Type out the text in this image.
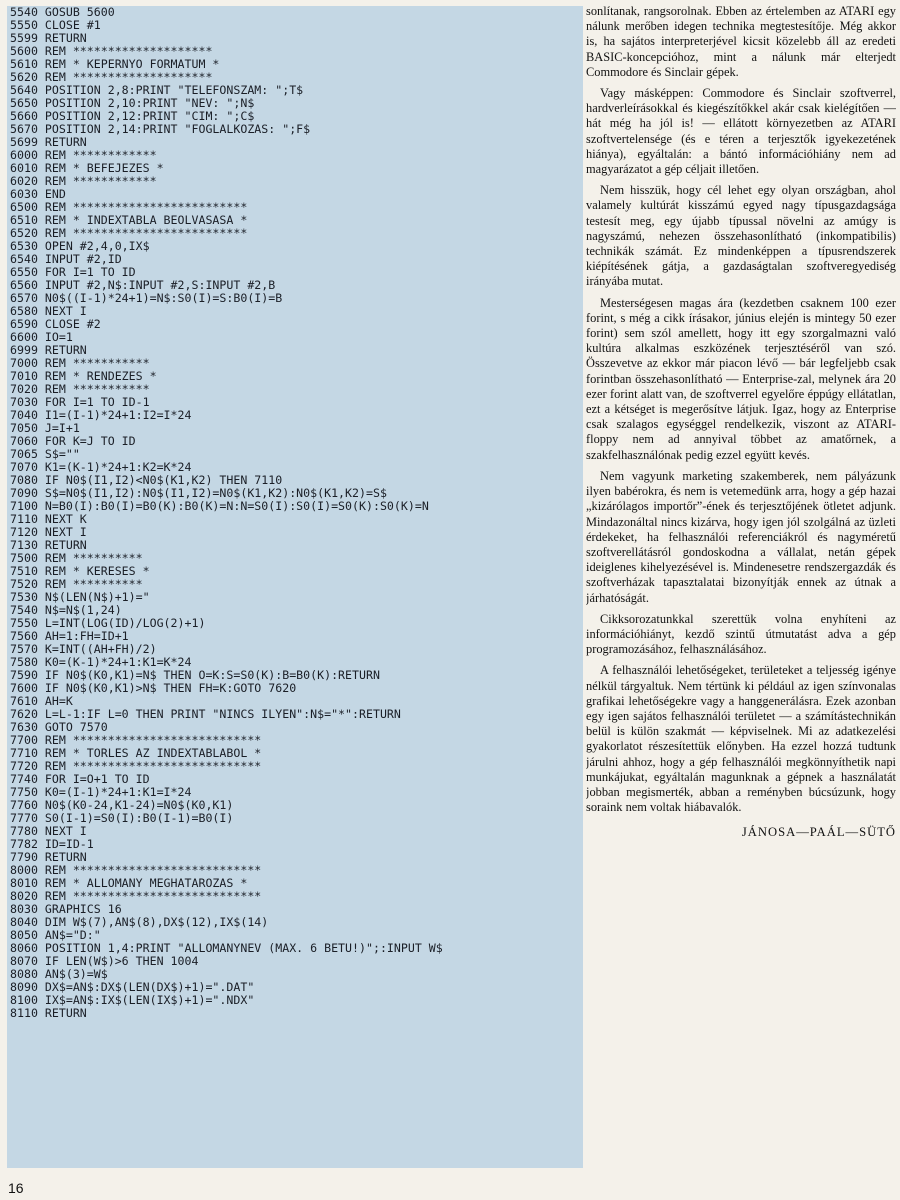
5540 GOSUB 5600
5550 CLOSE #1
5599 RETURN
5600 REM ********************
5610 REM * KEPERNYO FORMATUM *
5620 REM ********************
5640 POSITION 2,8:PRINT "TELEFONSZAM: ";T$
5650 POSITION 2,10:PRINT "NEV: ";N$
5660 POSITION 2,12:PRINT "CIM: ";C$
5670 POSITION 2,14:PRINT "FOGLALKOZAS: ";F$
5699 RETURN
6000 REM ************
6010 REM * BEFEJEZES *
6020 REM ************
6030 END
6500 REM *************************
6510 REM * INDEXTABLA BEOLVASASA *
6520 REM *************************
6530 OPEN #2,4,0,IX$
6540 INPUT #2,ID
6550 FOR I=1 TO ID
6560 INPUT #2,N$:INPUT #2,S:INPUT #2,B
6570 N0$((I-1)*24+1)=N$:S0(I)=S:B0(I)=B
6580 NEXT I
6590 CLOSE #2
6600 IO=1
6999 RETURN
7000 REM ***********
7010 REM * RENDEZES *
7020 REM ***********
7030 FOR I=1 TO ID-1
7040 I1=(I-1)*24+1:I2=I*24
7050 J=I+1
7060 FOR K=J TO ID
7065 S$=""
7070 K1=(K-1)*24+1:K2=K*24
7080 IF N0$(I1,I2)<N0$(K1,K2) THEN 7110
7090 S$=N0$(I1,I2):N0$(I1,I2)=N0$(K1,K2):N0$(K1,K2)=S$
7100 N=B0(I):B0(I)=B0(K):B0(K)=N:N=S0(I):S0(I)=S0(K):S0(K)=N
7110 NEXT K
7120 NEXT I
7130 RETURN
7500 REM **********
7510 REM * KERESES *
7520 REM **********
7530 N$(LEN(N$)+1)="
7540 N$=N$(1,24)
7550 L=INT(LOG(ID)/LOG(2)+1)
7560 AH=1:FH=ID+1
7570 K=INT((AH+FH)/2)
7580 K0=(K-1)*24+1:K1=K*24
7590 IF N0$(K0,K1)=N$ THEN O=K:S=S0(K):B=B0(K):RETURN
7600 IF N0$(K0,K1)>N$ THEN FH=K:GOTO 7620
7610 AH=K
7620 L=L-1:IF L=0 THEN PRINT "NINCS ILYEN":N$="*":RETURN
7630 GOTO 7570
7700 REM ***************************
7710 REM * TORLES AZ INDEXTABLABOL *
7720 REM ***************************
7740 FOR I=O+1 TO ID
7750 K0=(I-1)*24+1:K1=I*24
7760 N0$(K0-24,K1-24)=N0$(K0,K1)
7770 S0(I-1)=S0(I):B0(I-1)=B0(I)
7780 NEXT I
7782 ID=ID-1
7790 RETURN
8000 REM ***************************
8010 REM * ALLOMANY MEGHATAROZAS *
8020 REM ***************************
8030 GRAPHICS 16
8040 DIM W$(7),AN$(8),DX$(12),IX$(14)
8050 AN$="D:"
8060 POSITION 1,4:PRINT "ALLOMANYNEV (MAX. 6 BETU!)";:INPUT W$
8070 IF LEN(W$)>6 THEN 1004
8080 AN$(3)=W$
8090 DX$=AN$:DX$(LEN(DX$)+1)=".DAT"
8100 IX$=AN$:IX$(LEN(IX$)+1)=".NDX"
8110 RETURN

sonlítanak, rangsorolnak. Ebben az értelemben az ATARI egy nálunk merőben idegen technika megtestesítője. Még akkor is, ha sajátos interpreterjével kicsit közelebb áll az eredeti BASIC-koncepcióhoz, mint a nálunk már elterjedt Commodore és Sinclair gépek.

Vagy másképpen: Commodore és Sinclair szoftverrel, hardverleírásokkal és kiegészítőkkel akár csak kielégítően — hát még ha jól is! — ellátott környezetben az ATARI szoftvertelensége (és e téren a terjesztők igyekezetének hiánya), egyáltalán: a bántó információhiány nem ad magyarázatot a gép céljait illetően.

Nem hisszük, hogy cél lehet egy olyan országban, ahol valamely kultúrát kisszámú egyed nagy típusgazdagsága testesít meg, egy újabb típussal növelni az amúgy is nagyszámú, nehezen összehasonlítható (inkompatibilis) technikák számát. Ez mindenképpen a típusrendszerek kiépítésének gátja, a gazdaságtalan szoftveregyediség irányába mutat.

Mesterségesen magas ára (kezdetben csaknem 100 ezer forint, s még a cikk írásakor, június elején is mintegy 50 ezer forint) sem szól amellett, hogy itt egy szorgalmazni való kultúra alkalmas eszközének terjesztéséről van szó. Összevetve az ekkor már piacon lévő — bár legfeljebb csak forintban összehasonlítható — Enterprise-zal, melynek ára 20 ezer forint alatt van, de szoftverrel egyelőre éppúgy ellátatlan, ezt a kétséget is megerősítve látjuk. Igaz, hogy az Enterprise csak szalagos egységgel rendelkezik, viszont az ATARI-floppy nem ad annyival többet az amatőrnek, a szakfelhasználónak pedig ezzel együtt kevés.

Nem vagyunk marketing szakemberek, nem pályázunk ilyen babérokra, és nem is vetemedünk arra, hogy a gép hazai „kizárólagos importőr”-ének és terjesztőjének ötletet adjunk. Mindazonáltal nincs kizárva, hogy igen jól szolgálná az üzleti érdekeket, ha felhasználói referenciákról és nagyméretű szoftverellátásról gondoskodna a vállalat, netán gépek ideiglenes kihelyezésével is. Mindenesetre rendszergazdák és szoftverházak tapasztalatai bizonyítják ennek az útnak a járhatóságát.

Cikksorozatunkkal szerettük volna enyhíteni az információhiányt, kezdő szintű útmutatást adva a gép programozásához, felhasználásához.

A felhasználói lehetőségeket, területeket a teljesség igénye nélkül tárgyaltuk. Nem tértünk ki például az igen színvonalas grafikai lehetőségekre vagy a hanggenerálásra. Ezek azonban egy igen sajátos felhasználói területet — a számítástechnikán belül is külön szakmát — képviselnek. Mi az adatkezelési gyakorlatot részesítettük előnyben. Ha ezzel hozzá tudtunk járulni ahhoz, hogy a gép felhasználói megkönnyíthetik napi munkájukat, egyáltalán magunknak a gépnek a használatát jobban megismerték, abban a reményben búcsúzunk, hogy soraink nem voltak hiábavalók.

JÁNOSA—PAÁL—SÜTŐ
16
